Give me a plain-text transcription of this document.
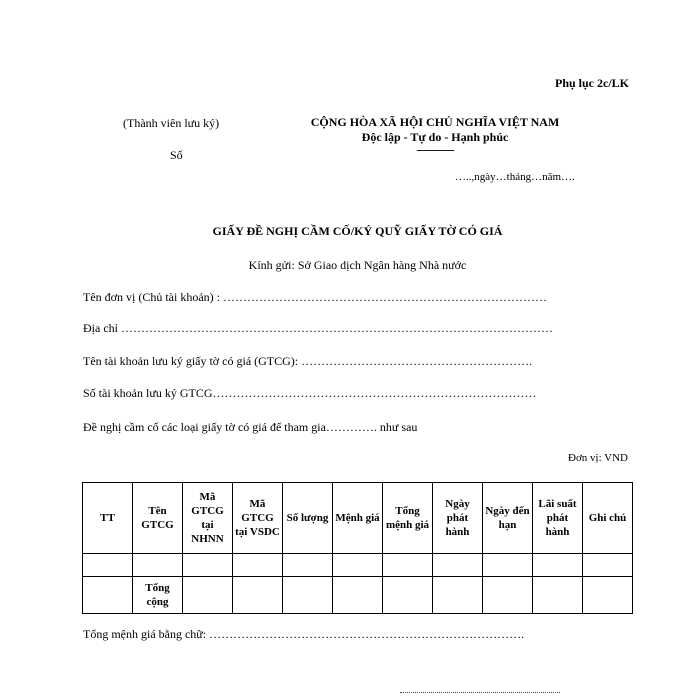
Phụ lục 2c/LK
(Thành viên lưu ký)
Số
CỘNG HÒA XÃ HỘI CHỦ NGHĨA VIỆT NAM
Độc lập - Tự do - Hạnh phúc
--------------
…..,ngày…tháng…năm….
GIẤY ĐỀ NGHỊ CẦM CỐ/KÝ QUỸ GIẤY TỜ CÓ GIÁ
Kính gửi: Sở Giao dịch Ngân hàng Nhà nước
Tên đơn vị (Chủ tài khoản) : ………………………………………………………………………
Địa chỉ ………………………………………………………………………………………………
Tên tài khoản lưu ký giấy tờ có giá (GTCG): ………………………………………………….
Số tài khoản lưu ký GTCG………………………………………………………………………
Đề nghị cầm cố các loại giấy tờ có giá để tham gia…………. như sau
Đơn vị: VND
TT	Tên GTCG	Mã GTCG tại NHNN	Mã GTCG tại VSDC	Số lượng	Mệnh giá	Tổng mệnh giá	Ngày phát hành	Ngày đến hạn	Lãi suất phát hành	Ghi chú

	Tổng cộng									
Tổng mệnh giá bằng chữ: …………………………………………………………………….
